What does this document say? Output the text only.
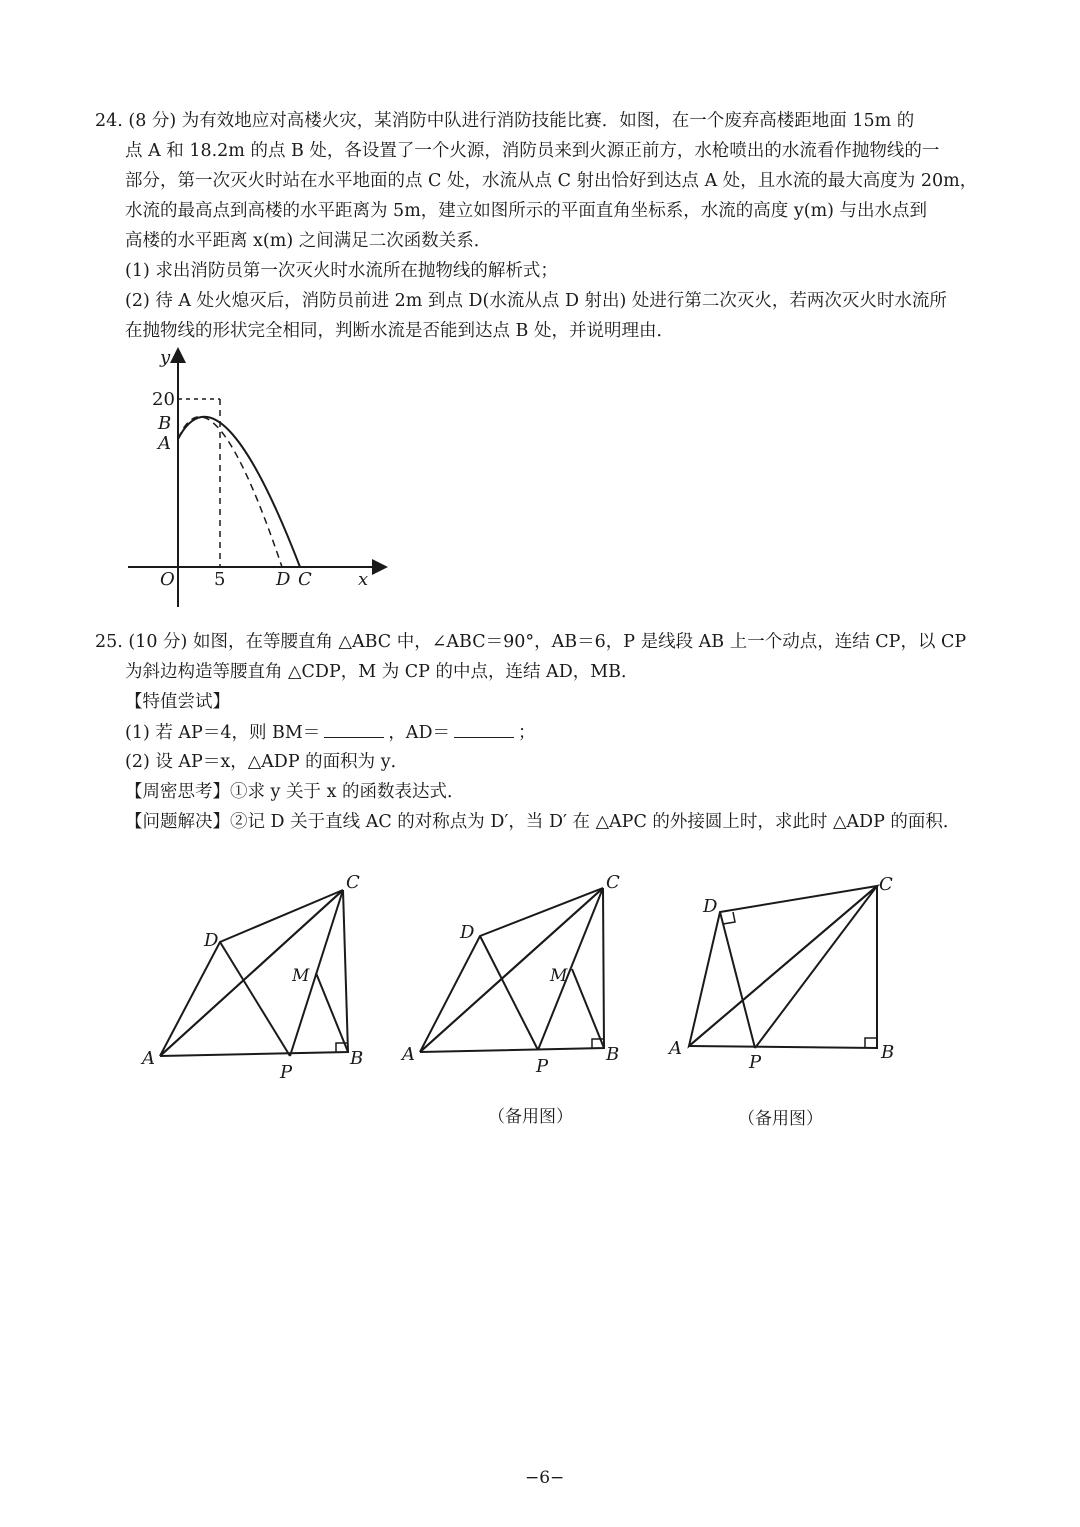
24. (8 分) 为有效地应对高楼火灾，某消防中队进行消防技能比赛．如图，在一个废弃高楼距地面 15m 的
点 A 和 18.2m 的点 B 处，各设置了一个火源，消防员来到火源正前方，水枪喷出的水流看作抛物线的一
部分，第一次灭火时站在水平地面的点 C 处，水流从点 C 射出恰好到达点 A 处，且水流的最大高度为 20m，
水流的最高点到高楼的水平距离为 5m，建立如图所示的平面直角坐标系，水流的高度 y(m) 与出水点到
高楼的水平距离 x(m) 之间满足二次函数关系．
(1) 求出消防员第一次灭火时水流所在抛物线的解析式；
(2) 待 A 处火熄灭后，消防员前进 2m 到点 D(水流从点 D 射出) 处进行第二次灭火，若两次灭火时水流所
在抛物线的形状完全相同，判断水流是否能到达点 B 处，并说明理由．
y
20
B
A
O 5	D C	x
25. (10 分) 如图，在等腰直角 △ABC 中，∠ABC＝90°，AB＝6，P 是线段 AB 上一个动点，连结 CP，以 CP
为斜边构造等腰直角 △CDP，M 为 CP 的中点，连结 AD，MB．
【特值尝试】
(1) 若 AP＝4，则 BM＝	，AD＝	；
(2) 设 AP＝x，△ADP 的面积为 y．
【周密思考】①求 y 关于 x 的函数表达式．
【问题解决】②记 D 关于直线 AC 的对称点为 D′，当 D′ 在 △APC 的外接圆上时，求此时 △ADP 的面积．
C
D
M
A
P
B
C
D
M
A
P
B
（备用图）
C
D
A
P	B
（备用图）
−6−
